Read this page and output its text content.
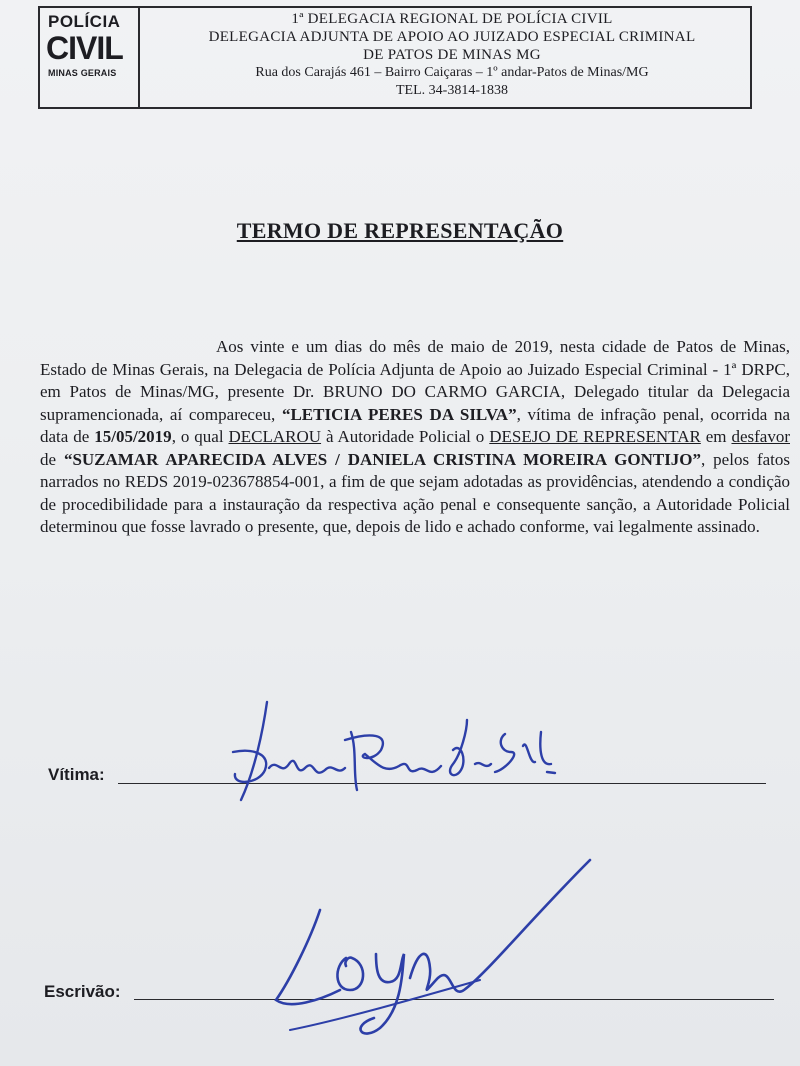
POLÍCIA
CIVIL
MINAS GERAIS
1ª DELEGACIA REGIONAL DE POLÍCIA CIVIL
DELEGACIA ADJUNTA DE APOIO AO JUIZADO ESPECIAL CRIMINAL
DE PATOS DE MINAS MG
Rua dos Carajás 461 – Bairro Caiçaras – 1º andar-Patos de Minas/MG
TEL. 34-3814-1838
TERMO DE REPRESENTAÇÃO

Aos vinte e um dias do mês de maio de 2019, nesta cidade de Patos de Minas, Estado de Minas Gerais, na Delegacia de Polícia Adjunta de Apoio ao Juizado Especial Criminal - 1ª DRPC, em Patos de Minas/MG, presente Dr. BRUNO DO CARMO GARCIA, Delegado titular da Delegacia supramencionada, aí compareceu, “LETICIA PERES DA SILVA”, vítima de infração penal, ocorrida na data de 15/05/2019, o qual DECLAROU à Autoridade Policial o DESEJO DE REPRESENTAR em desfavor de “SUZAMAR APARECIDA ALVES / DANIELA CRISTINA MOREIRA GONTIJO”, pelos fatos narrados no REDS 2019-023678854-001, a fim de que sejam adotadas as providências, atendendo a condição de procedibilidade para a instauração da respectiva ação penal e consequente sanção, a Autoridade Policial determinou que fosse lavrado o presente, que, depois de lido e achado conforme, vai legalmente assinado.

Vítima:
Escrivão:
